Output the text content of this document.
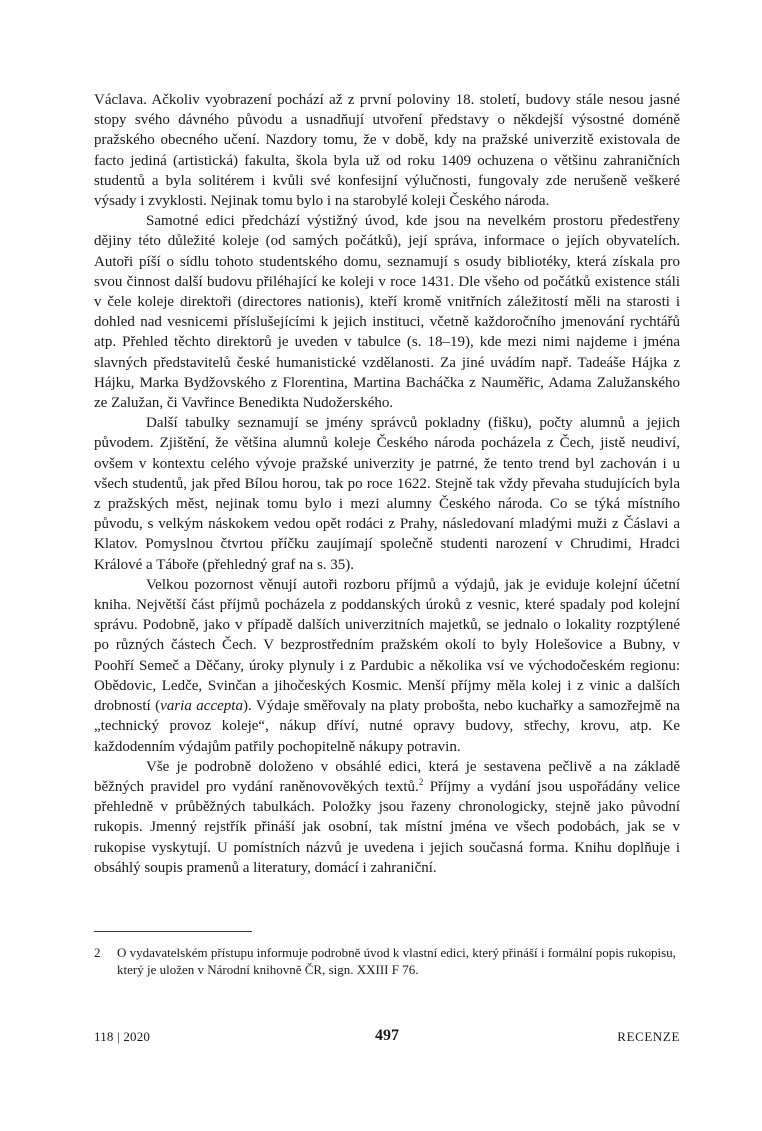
Václava. Ačkoliv vyobrazení pochází až z první poloviny 18. století, budovy stále nesou jasné stopy svého dávného původu a usnadňují utvoření představy o někdejší výsostné doméně pražského obecného učení. Nazdory tomu, že v době, kdy na pražské univerzitě existovala de facto jediná (artistická) fakulta, škola byla už od roku 1409 ochuzena o většinu zahraničních studentů a byla solitérem i kvůli své konfesijní výlučnosti, fungovaly zde nerušeně veškeré výsady i zvyklosti. Nejinak tomu bylo i na starobylé koleji Českého národa.

Samotné edici předchází výstižný úvod, kde jsou na nevelkém prostoru předestřeny dějiny této důležité koleje (od samých počátků), její správa, informace o jejích obyvatelích. Autoři píší o sídlu tohoto studentského domu, seznamují s osudy bibliotéky, která získala pro svou činnost další budovu přiléhající ke koleji v roce 1431. Dle všeho od počátků existence stáli v čele koleje direktoři (directores nationis), kteří kromě vnitřních záležitostí měli na starosti i dohled nad vesnicemi příslušejícími k jejich instituci, včetně každoročního jmenování rychtářů atp. Přehled těchto direktorů je uveden v tabulce (s. 18–19), kde mezi nimi najdeme i jména slavných představitelů české humanistické vzdělanosti. Za jiné uvádím např. Tadeáše Hájka z Hájku, Marka Bydžovského z Florentina, Martina Bacháčka z Nauměřic, Adama Zalužanského ze Zalužan, či Vavřince Benedikta Nudožerského.

Další tabulky seznamují se jmény správců pokladny (fišku), počty alumnů a jejich původem. Zjištění, že většina alumnů koleje Českého národa pocházela z Čech, jistě neudiví, ovšem v kontextu celého vývoje pražské univerzity je patrné, že tento trend byl zachován i u všech studentů, jak před Bílou horou, tak po roce 1622. Stejně tak vždy převaha studujících byla z pražských měst, nejinak tomu bylo i mezi alumny Českého národa. Co se týká místního původu, s velkým náskokem vedou opět rodáci z Prahy, následovaní mladými muži z Čáslavi a Klatov. Pomyslnou čtvrtou příčku zaujímají společně studenti narození v Chrudimi, Hradci Králové a Táboře (přehledný graf na s. 35).

Velkou pozornost věnují autoři rozboru příjmů a výdajů, jak je eviduje kolejní účetní kniha. Největší část příjmů pocházela z poddanských úroků z vesnic, které spadaly pod kolejní správu. Podobně, jako v případě dalších univerzitních majetků, se jednalo o lokality rozptýlené po různých částech Čech. V bezprostředním pražském okolí to byly Holešovice a Bubny, v Poohří Semeč a Děčany, úroky plynuly i z Pardubic a několika vsí ve východočeském regionu: Obědovic, Ledče, Svinčan a jihočeských Kosmic. Menší příjmy měla kolej i z vinic a dalších drobností (varia accepta). Výdaje směřovaly na platy proboštа, nebo kuchařky a samozřejmě na „technický provoz koleje“, nákup dříví, nutné opravy budovy, střechy, krovu, atp. Ke každodenním výdajům patřily pochopitelně nákupy potravin.

Vše je podrobně doloženo v obsáhlé edici, která je sestavena pečlivě a na základě běžných pravidel pro vydání raněnovověkých textů.$^2$ Příjmy a vydání jsou uspořádány velice přehledně v průběžných tabulkách. Položky jsou řazeny chronologicky, stejně jako původní rukopis. Jmenný rejstřík přináší jak osobní, tak místní jména ve všech podobách, jak se v rukopise vyskytují. U pomístních názvů je uvedena i jejich současná forma. Knihu doplňuje i obsáhlý soupis pramenů a literatury, domácí i zahraniční.

2 O vydavatelském přístupu informuje podrobně úvod k vlastní edici, který přináší i formální popis rukopisu, který je uložen v Národní knihovně ČR, sign. XXIII F 76.
118 | 2020	497	RECENZE
